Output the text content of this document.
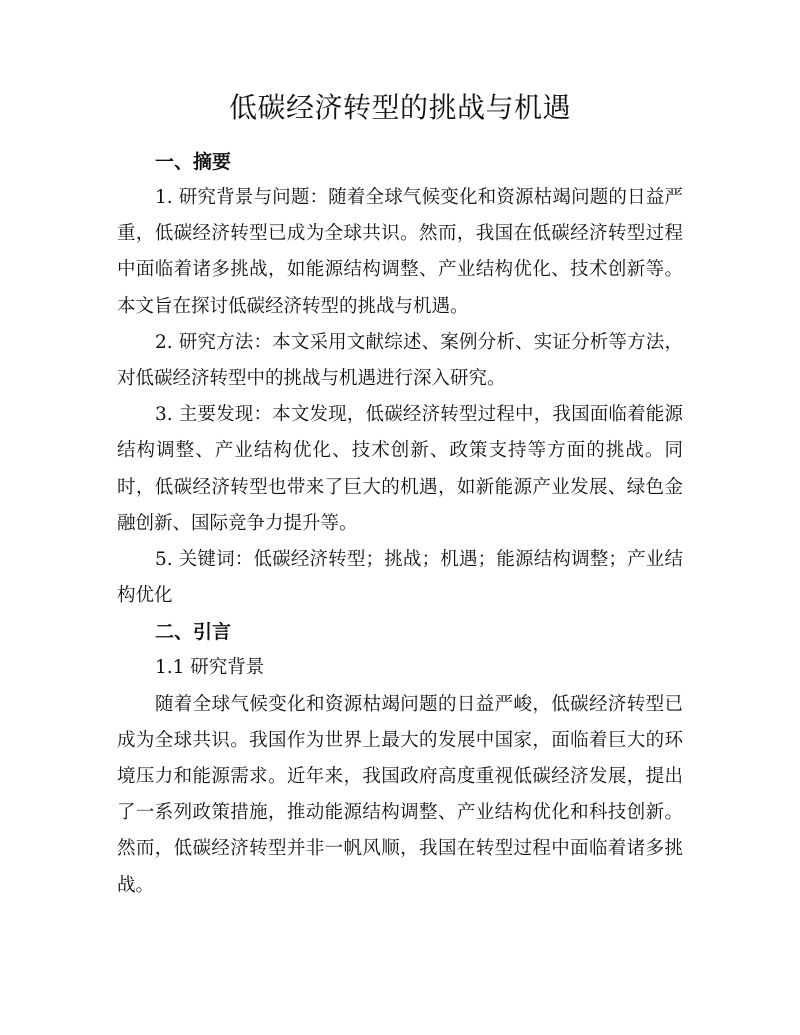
低碳经济转型的挑战与机遇
一、摘要

1. 研究背景与问题：随着全球气候变化和资源枯竭问题的日益严重，低碳经济转型已成为全球共识。然而，我国在低碳经济转型过程中面临着诸多挑战，如能源结构调整、产业结构优化、技术创新等。本文旨在探讨低碳经济转型的挑战与机遇。

2. 研究方法：本文采用文献综述、案例分析、实证分析等方法，对低碳经济转型中的挑战与机遇进行深入研究。

3. 主要发现：本文发现，低碳经济转型过程中，我国面临着能源结构调整、产业结构优化、技术创新、政策支持等方面的挑战。同时，低碳经济转型也带来了巨大的机遇，如新能源产业发展、绿色金融创新、国际竞争力提升等。

5. 关键词：低碳经济转型；挑战；机遇；能源结构调整；产业结构优化

二、引言

1.1 研究背景

随着全球气候变化和资源枯竭问题的日益严峻，低碳经济转型已成为全球共识。我国作为世界上最大的发展中国家，面临着巨大的环境压力和能源需求。近年来，我国政府高度重视低碳经济发展，提出了一系列政策措施，推动能源结构调整、产业结构优化和科技创新。然而，低碳经济转型并非一帆风顺，我国在转型过程中面临着诸多挑战。
